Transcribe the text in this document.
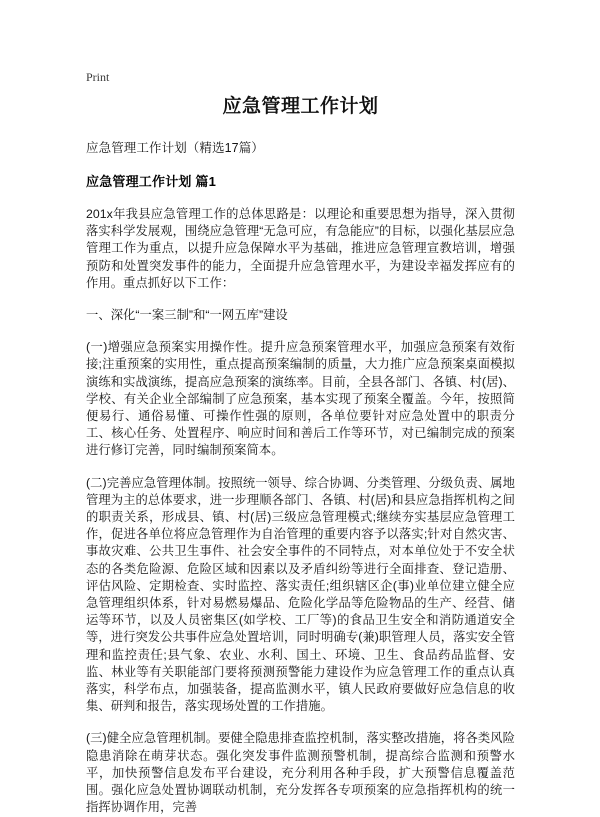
Print
应急管理工作计划
应急管理工作计划（精选17篇）
应急管理工作计划 篇1

201x年我县应急管理工作的总体思路是：以理论和重要思想为指导，深入贯彻落实科学发展观，围绕应急管理“无急可应，有急能应”的目标，以强化基层应急管理工作为重点，以提升应急保障水平为基础，推进应急管理宣教培训，增强预防和处置突发事件的能力，全面提升应急管理水平，为建设幸福发挥应有的作用。重点抓好以下工作：

一、深化“一案三制”和“一网五库”建设

(一)增强应急预案实用操作性。提升应急预案管理水平，加强应急预案有效衔接;注重预案的实用性，重点提高预案编制的质量，大力推广应急预案桌面模拟演练和实战演练，提高应急预案的演练率。目前，全县各部门、各镇、村(居)、学校、有关企业全部编制了应急预案，基本实现了预案全覆盖。今年，按照简便易行、通俗易懂、可操作性强的原则，各单位要针对应急处置中的职责分工、核心任务、处置程序、响应时间和善后工作等环节，对已编制完成的预案进行修订完善，同时编制预案简本。

(二)完善应急管理体制。按照统一领导、综合协调、分类管理、分级负责、属地管理为主的总体要求，进一步理顺各部门、各镇、村(居)和县应急指挥机构之间的职责关系，形成县、镇、村(居)三级应急管理模式;继续夯实基层应急管理工作，促进各单位将应急管理作为自治管理的重要内容予以落实;针对自然灾害、事故灾难、公共卫生事件、社会安全事件的不同特点，对本单位处于不安全状态的各类危险源、危险区域和因素以及矛盾纠纷等进行全面排查、登记造册、评估风险、定期检查、实时监控、落实责任;组织辖区企(事)业单位建立健全应急管理组织体系，针对易燃易爆品、危险化学品等危险物品的生产、经营、储运等环节，以及人员密集区(如学校、工厂等)的食品卫生安全和消防通道安全等，进行突发公共事件应急处置培训，同时明确专(兼)职管理人员，落实安全管理和监控责任;县气象、农业、水利、国土、环境、卫生、食品药品监督、安监、林业等有关职能部门要将预测预警能力建设作为应急管理工作的重点认真落实，科学布点，加强装备，提高监测水平，镇人民政府要做好应急信息的收集、研判和报告，落实现场处置的工作措施。

(三)健全应急管理机制。要健全隐患排查监控机制，落实整改措施，将各类风险隐患消除在萌芽状态。强化突发事件监测预警机制，提高综合监测和预警水平，加快预警信息发布平台建设，充分利用各种手段，扩大预警信息覆盖范围。强化应急处置协调联动机制，充分发挥各专项预案的应急指挥机构的统一指挥协调作用，完善
